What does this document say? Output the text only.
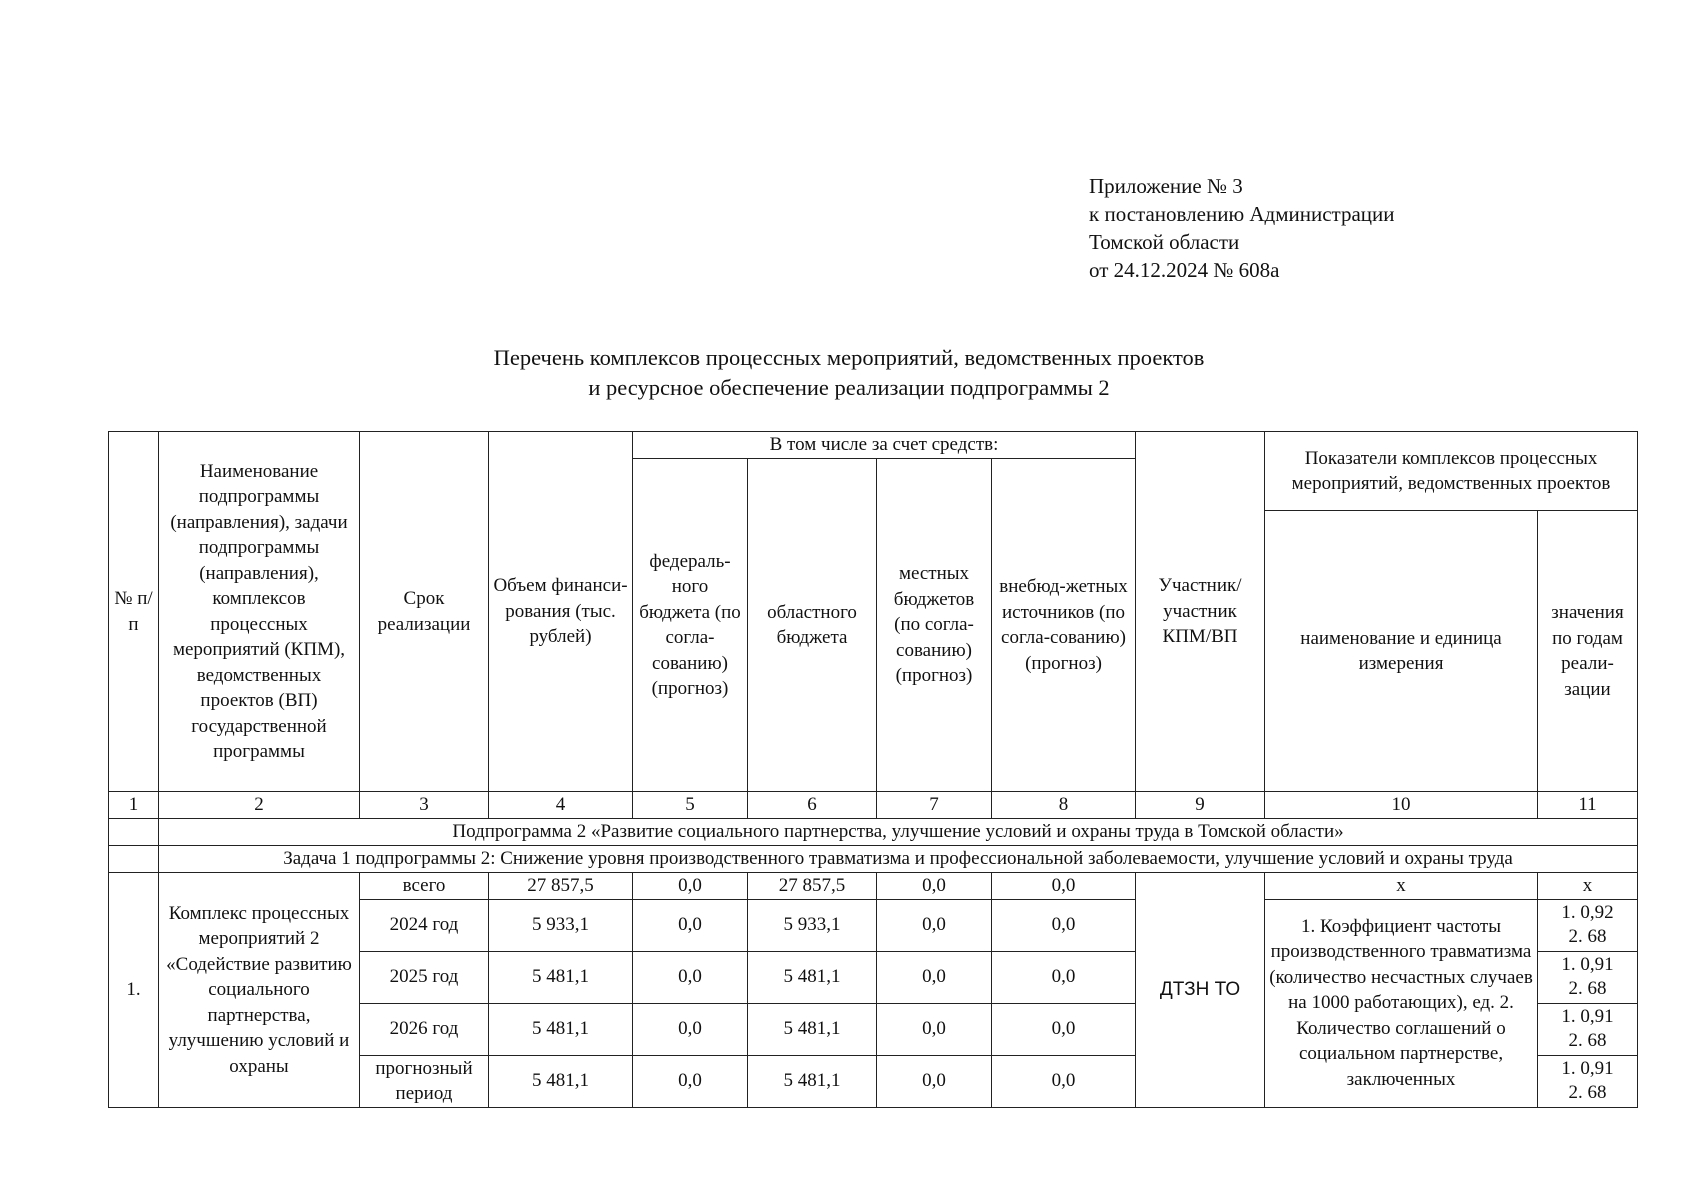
Приложение № 3
к постановлению Администрации
Томской области
от 24.12.2024 № 608а
Перечень комплексов процессных мероприятий, ведомственных проектов
и ресурсное обеспечение реализации подпрограммы 2
№ п/п	Наименование подпрограммы (направления), задачи подпрограммы (направления), комплексов процессных мероприятий (КПМ), ведомственных проектов (ВП) государственной программы	Срок реализации	Объем финанси-рования (тыс. рублей)	В том числе за счет средств:				Участник/ участник КПМ/ВП	Показатели комплексов процессных мероприятий, ведомственных проектов	
				федераль-ного бюджета (по согла-сованию) (прогноз)	областного бюджета	местных бюджетов (по согла-сованию) (прогноз)	внебюд-жетных источников (по согла-сованию) (прогноз)			
									наименование и единица измерения	значения по годам реали-зации
1	2	3	4	5	6	7	8	9	10	11
	Подпрограмма 2 «Развитие социального партнерства, улучшение условий и охраны труда в Томской области»									
	Задача 1 подпрограммы 2: Снижение уровня производственного травматизма и профессиональной заболеваемости, улучшение условий и охраны труда									
1.	Комплекс процессных мероприятий 2 «Содействие развитию социального партнерства, улучшению условий и охраны	всего	27 857,5	0,0	27 857,5	0,0	0,0	ДТЗН ТО	х	х
		2024 год	5 933,1	0,0	5 933,1	0,0	0,0		1. Коэффициент частоты производственного травматизма (количество несчастных случаев на 1000 работающих), ед. 2. Количество соглашений о социальном партнерстве, заключенных	1. 0,92
2. 68

		2025 год	5 481,1	0,0	5 481,1	0,0	0,0			1. 0,91
2. 68

		2026 год	5 481,1	0,0	5 481,1	0,0	0,0			1. 0,91
2. 68

		прогнозный период	5 481,1	0,0	5 481,1	0,0	0,0			1. 0,91
2. 68
